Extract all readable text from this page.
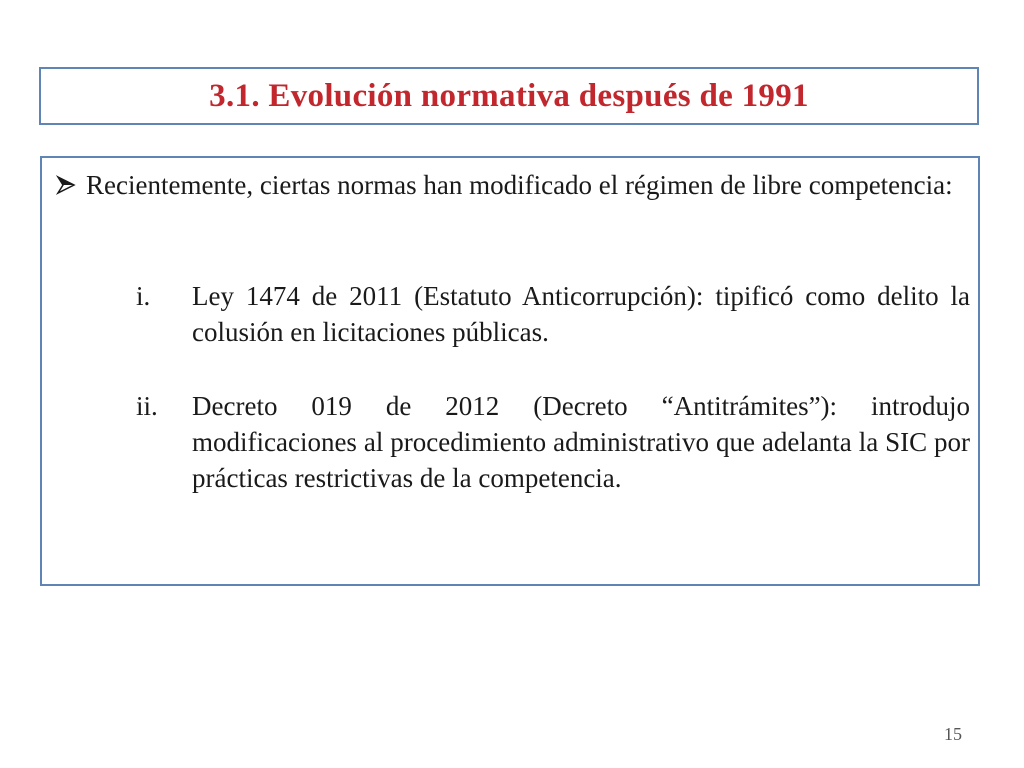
3.1. Evolución normativa después de 1991
Recientemente, ciertas normas han modificado el régimen de libre competencia:
i.	Ley 1474 de 2011 (Estatuto Anticorrupción): tipificó como delito la colusión en licitaciones públicas.
ii.	Decreto 019 de 2012 (Decreto “Antitrámites”): introdujo modificaciones al procedimiento administrativo que adelanta la SIC por prácticas restrictivas de la competencia.
15
